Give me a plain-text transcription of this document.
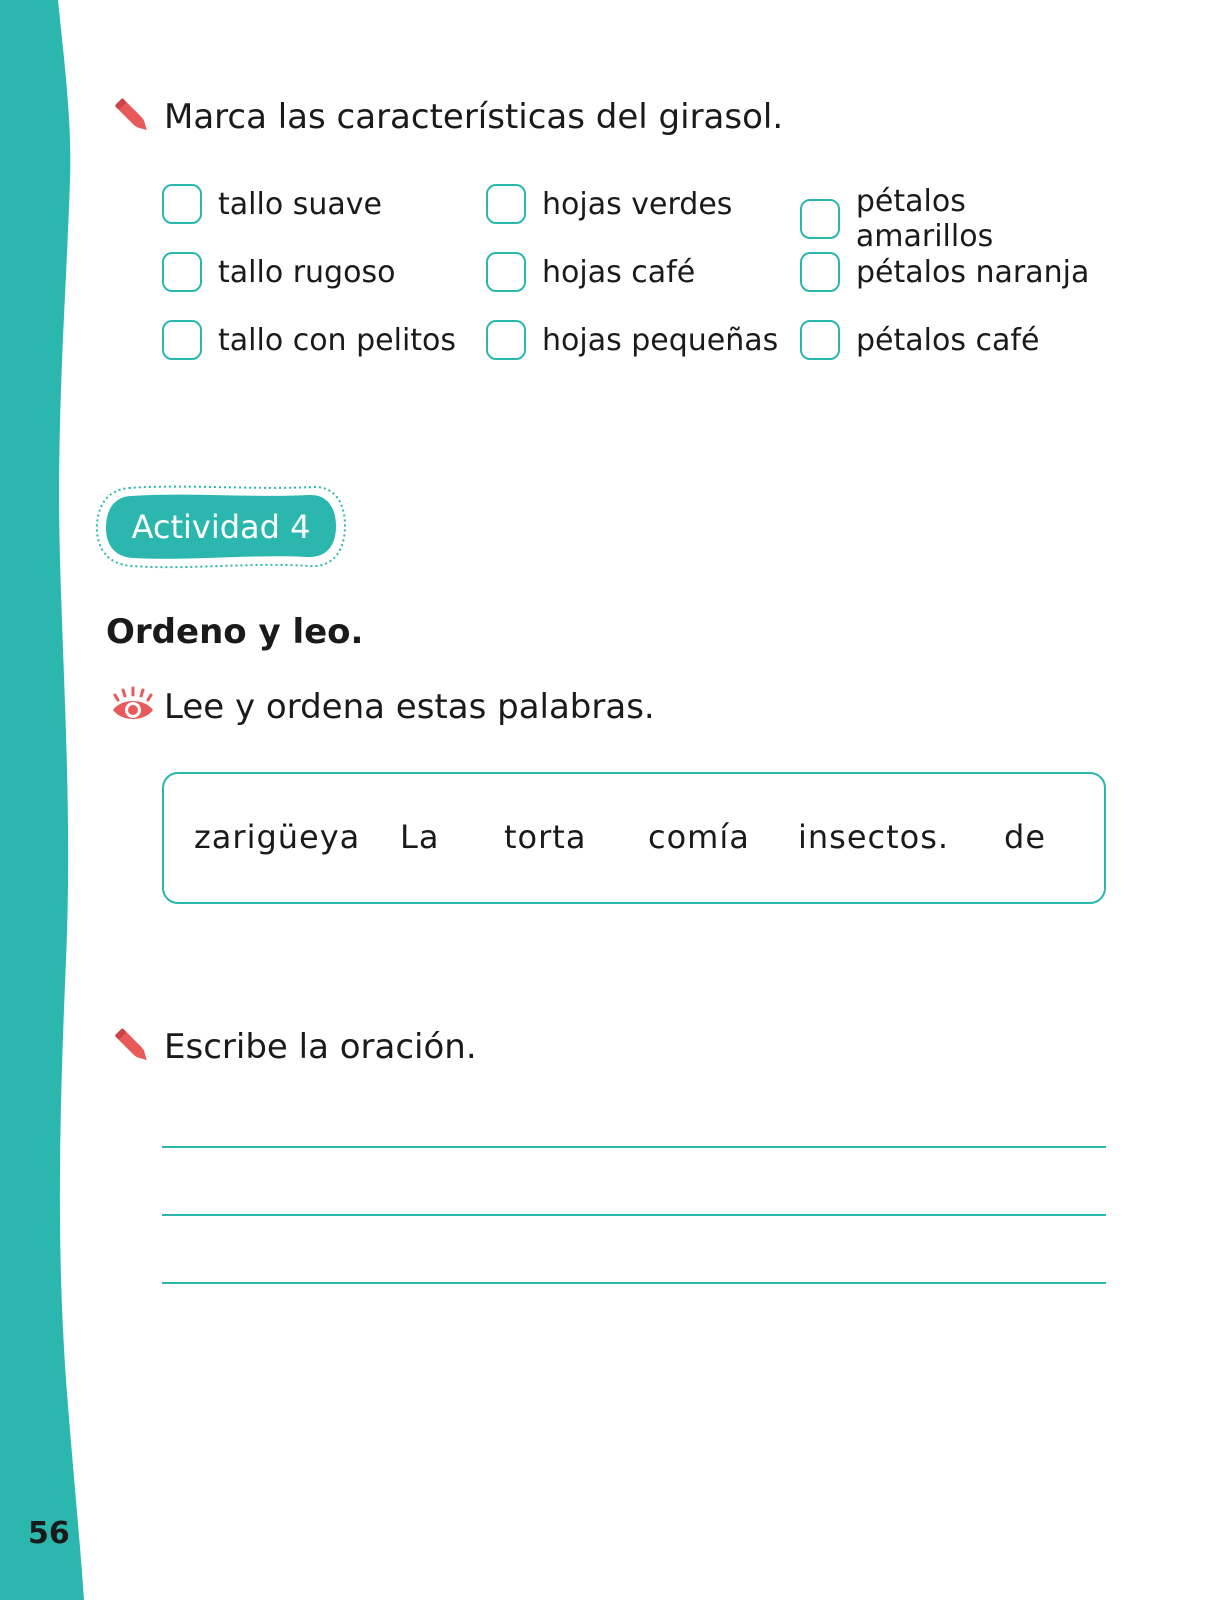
56
Marca las características del girasol.
tallo suave
tallo rugoso
tallo con pelitos
hojas verdes
hojas café
hojas pequeñas
pétalos amarillos
pétalos naranja
pétalos café
Actividad 4
Ordeno y leo.
Lee y ordena estas palabras.
zarigüeya La torta comía insectos. de
Escribe la oración.
